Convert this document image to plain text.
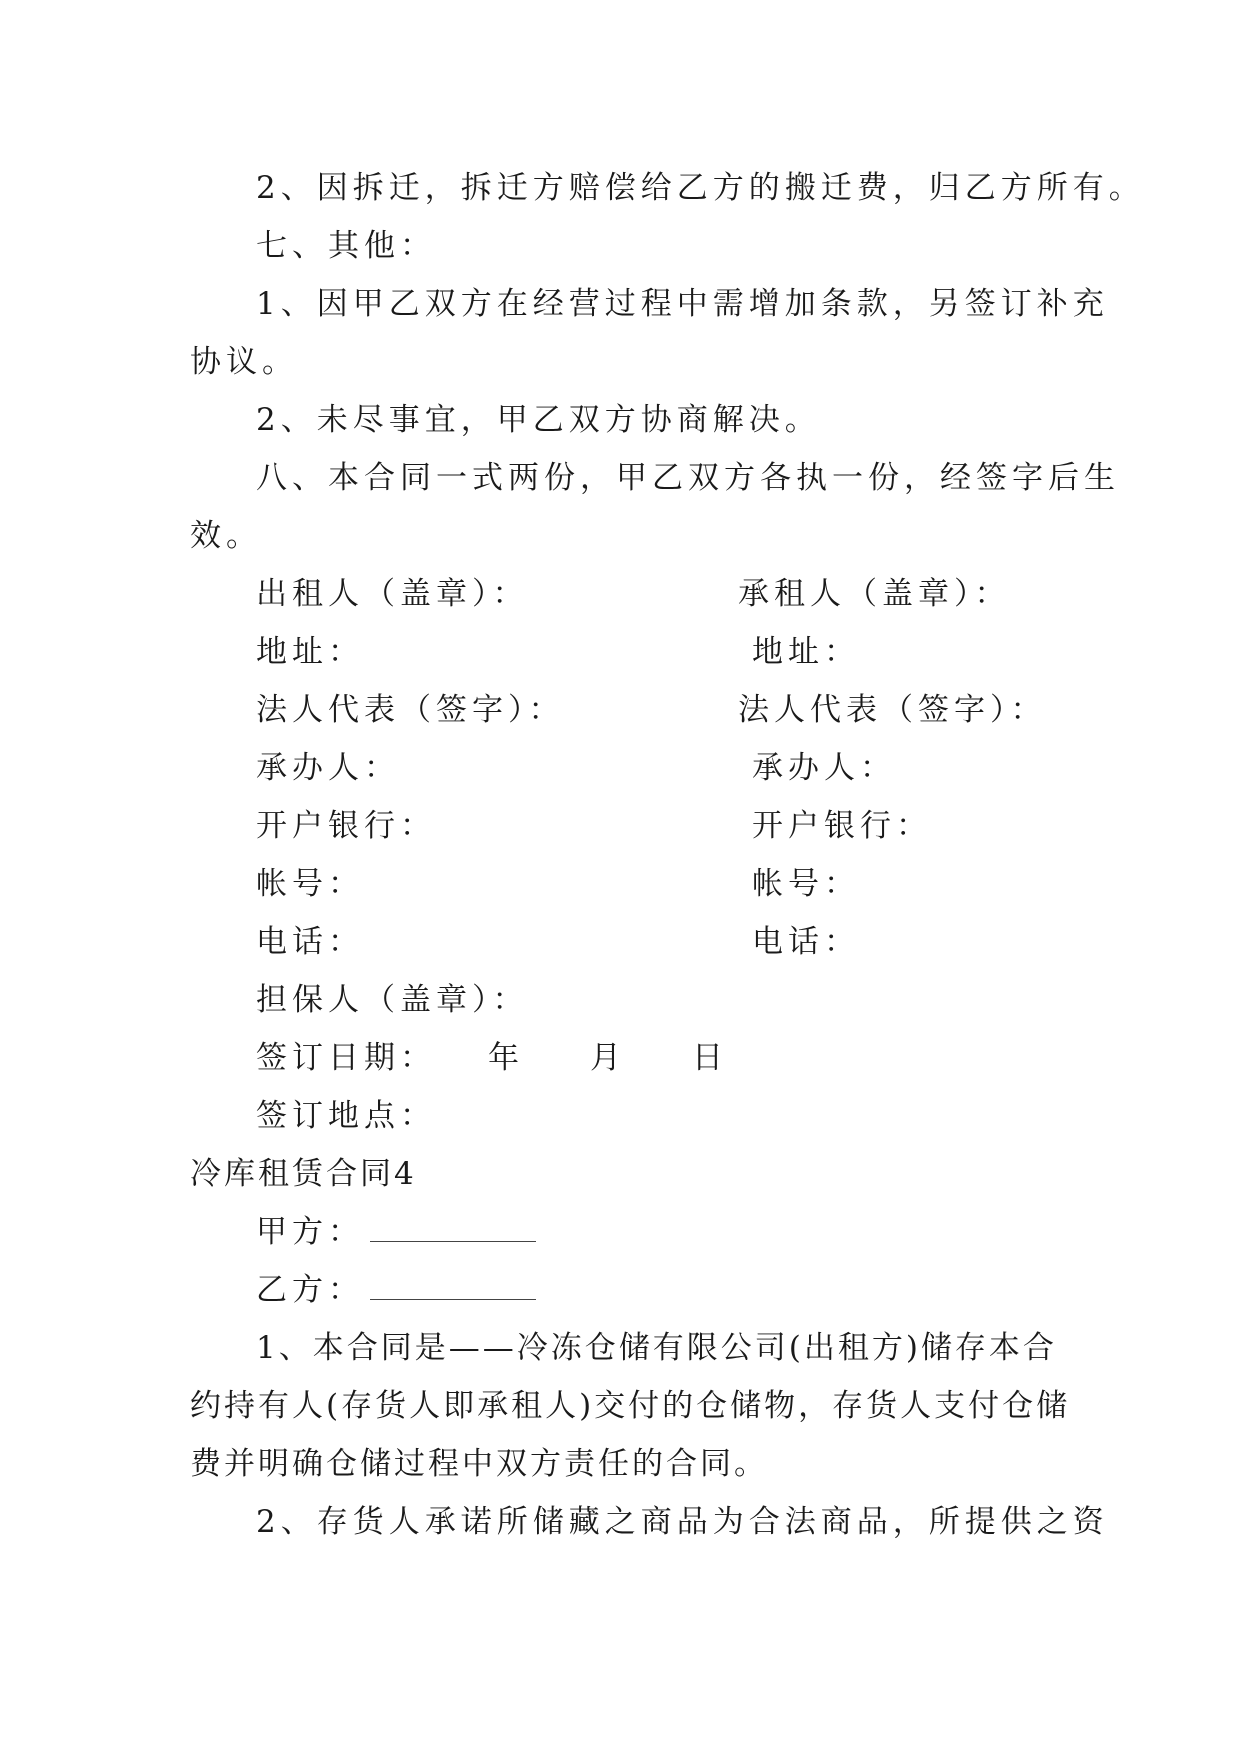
2、因拆迁，拆迁方赔偿给乙方的搬迁费，归乙方所有。
七、其他：
1、因甲乙双方在经营过程中需增加条款，另签订补充
协议。
2、未尽事宜，甲乙双方协商解决。
八、本合同一式两份，甲乙双方各执一份，经签字后生
效。
出租人（盖章）：
地址：
法人代表（签字）：
承办人：
开户银行：
帐号：
电话：
承租人（盖章）：
地址：
法人代表（签字）：
承办人：
开户银行：
帐号：
电话：
担保人（盖章）：
签订日期： 年 月 日
签订地点：
冷库租赁合同4
甲方：
乙方：
1、本合同是——冷冻仓储有限公司(出租方)储存本合
约持有人(存货人即承租人)交付的仓储物，存货人支付仓储
费并明确仓储过程中双方责任的合同。
2、存货人承诺所储藏之商品为合法商品，所提供之资
